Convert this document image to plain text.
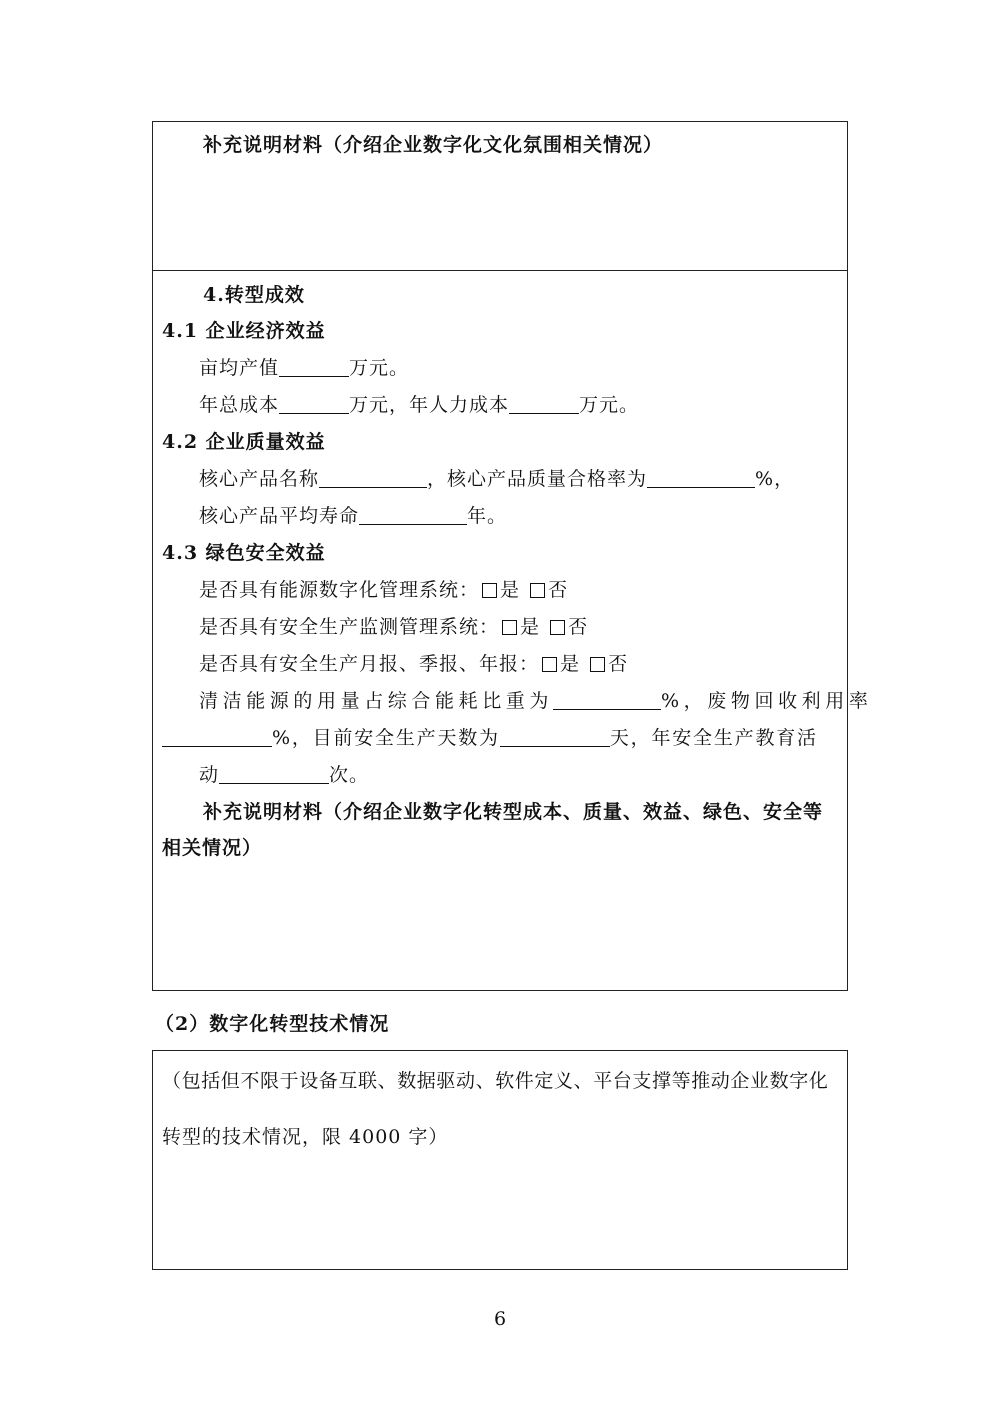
补充说明材料（介绍企业数字化文化氛围相关情况）
4.转型成效
4.1 企业经济效益
亩均产值	万元。
年总成本	万元，年人力成本	万元。
4.2 企业质量效益
核心产品名称	，核心产品质量合格率为	%，
核心产品平均寿命	年。
4.3 绿色安全效益
是否具有能源数字化管理系统： 是 否
是否具有安全生产监测管理系统： 是 否
是否具有安全生产月报、季报、年报： 是 否
清洁能源的用量占综合能耗比重为	%，废物回收利用率
%，目前安全生产天数为	天，年安全生产教育活
动	次。
补充说明材料（介绍企业数字化转型成本、质量、效益、绿色、安全等
相关情况）
（2）数字化转型技术情况
（包括但不限于设备互联、数据驱动、软件定义、平台支撑等推动企业数字化
转型的技术情况，限 4000 字）
6
